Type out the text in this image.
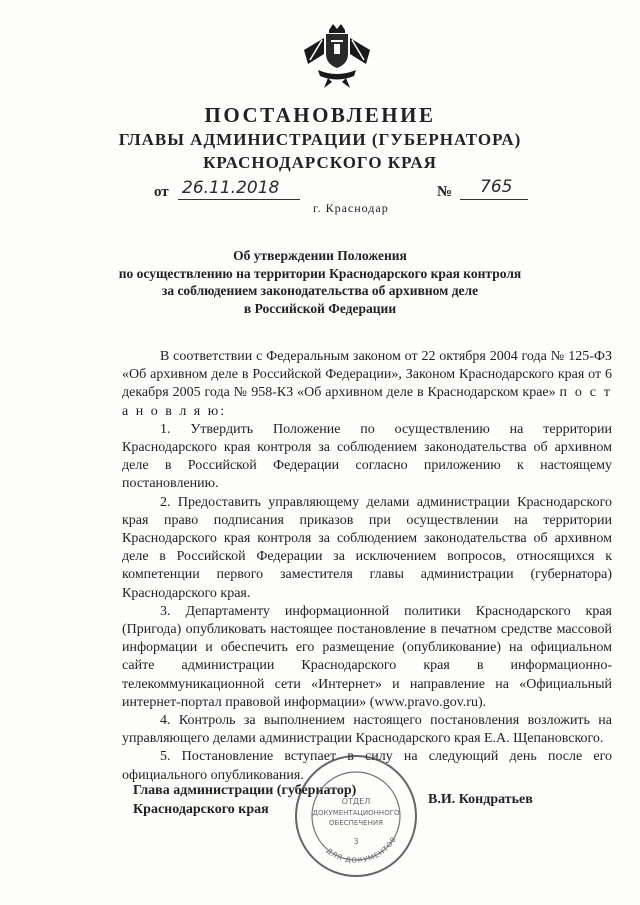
ПОСТАНОВЛЕНИЕ
ГЛАВЫ АДМИНИСТРАЦИИ (ГУБЕРНАТОРА)
КРАСНОДАРСКОГО КРАЯ
от 26.11.2018	№ 765
г. Краснодар
Об утверждении Положения
по осуществлению на территории Краснодарского края контроля
за соблюдением законодательства об архивном деле
в Российской Федерации

В соответствии с Федеральным законом от 22 октября 2004 года № 125-ФЗ «Об архивном деле в Российской Федерации», Законом Краснодарского края от 6 декабря 2005 года № 958-КЗ «Об архивном деле в Краснодарском крае» п о с т а н о в л я ю:

1. Утвердить Положение по осуществлению на территории Краснодарского края контроля за соблюдением законодательства об архивном деле в Российской Федерации согласно приложению к настоящему постановлению.

2. Предоставить управляющему делами администрации Краснодарского края право подписания приказов при осуществлении на территории Краснодарского края контроля за соблюдением законодательства об архивном деле в Российской Федерации за исключением вопросов, относящихся к компетенции первого заместителя главы администрации (губернатора) Краснодарского края.

3. Департаменту информационной политики Краснодарского края (Пригода) опубликовать настоящее постановление в печатном средстве массовой информации и обеспечить его размещение (опубликование) на официальном сайте администрации Краснодарского края в информационно-телекоммуникационной сети «Интернет» и направление на «Официальный интернет-портал правовой информации» (www.pravo.gov.ru).

4. Контроль за выполнением настоящего постановления возложить на управляющего делами администрации Краснодарского края Е.А. Щепановского.

5. Постановление вступает в силу на следующий день после его официального опубликования.

Глава администрации (губернатор)
Краснодарского края
В.И. Кондратьев
ДЛЯ ДОКУМЕНТОВ
ОТДЕЛ
ДОКУМЕНТАЦИОННОГО
ОБЕСПЕЧЕНИЯ
3
